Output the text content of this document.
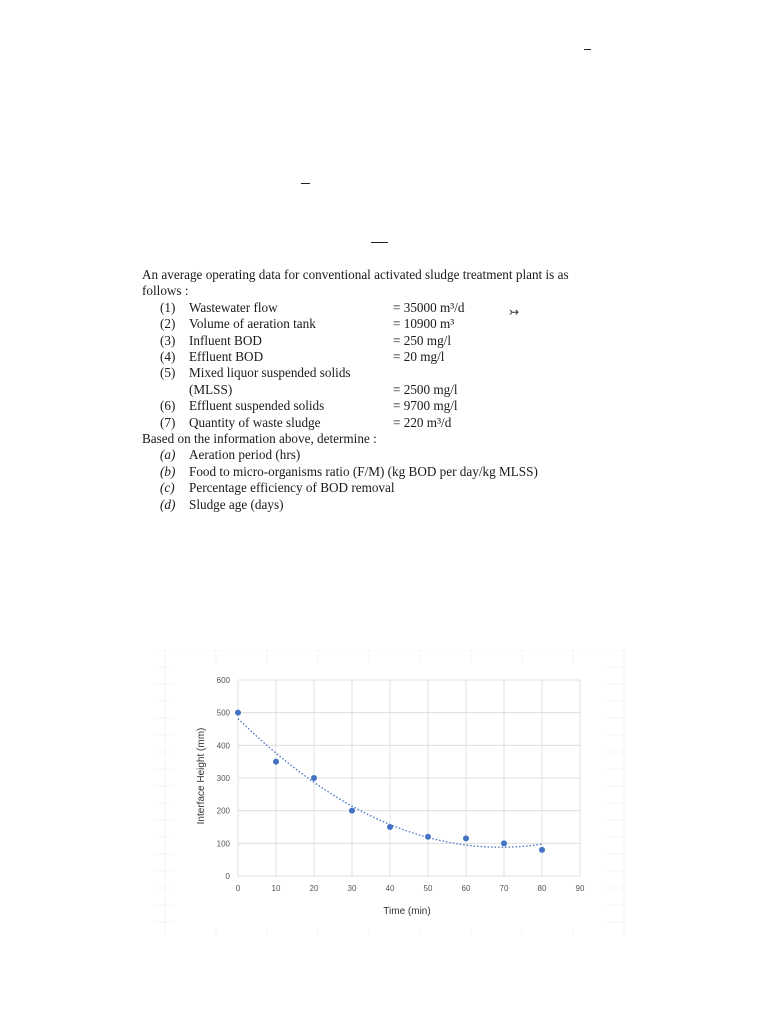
↣

An average operating data for conventional activated sludge treatment plant is as follows :

(1) Wastewater flow	= 35000 m³/d
(2) Volume of aeration tank	= 10900 m³
(3) Influent BOD	= 250 mg/l
(4) Effluent BOD	= 20 mg/l
(5) Mixed liquor suspended solids (MLSS)	= 2500 mg/l
(6) Effluent suspended solids	= 9700 mg/l
(7) Quantity of waste sludge	= 220 m³/d

Based on the information above, determine :

(a) Aeration period (hrs)
(b) Food to micro-organisms ratio (F/M) (kg BOD per day/kg MLSS)
(c) Percentage efficiency of BOD removal
(d) Sludge age (days)
0
100
200
300
400
500
600
0	10	20	30	40	50	60	70	80	90
Time (min)
Interface Height (mm)
